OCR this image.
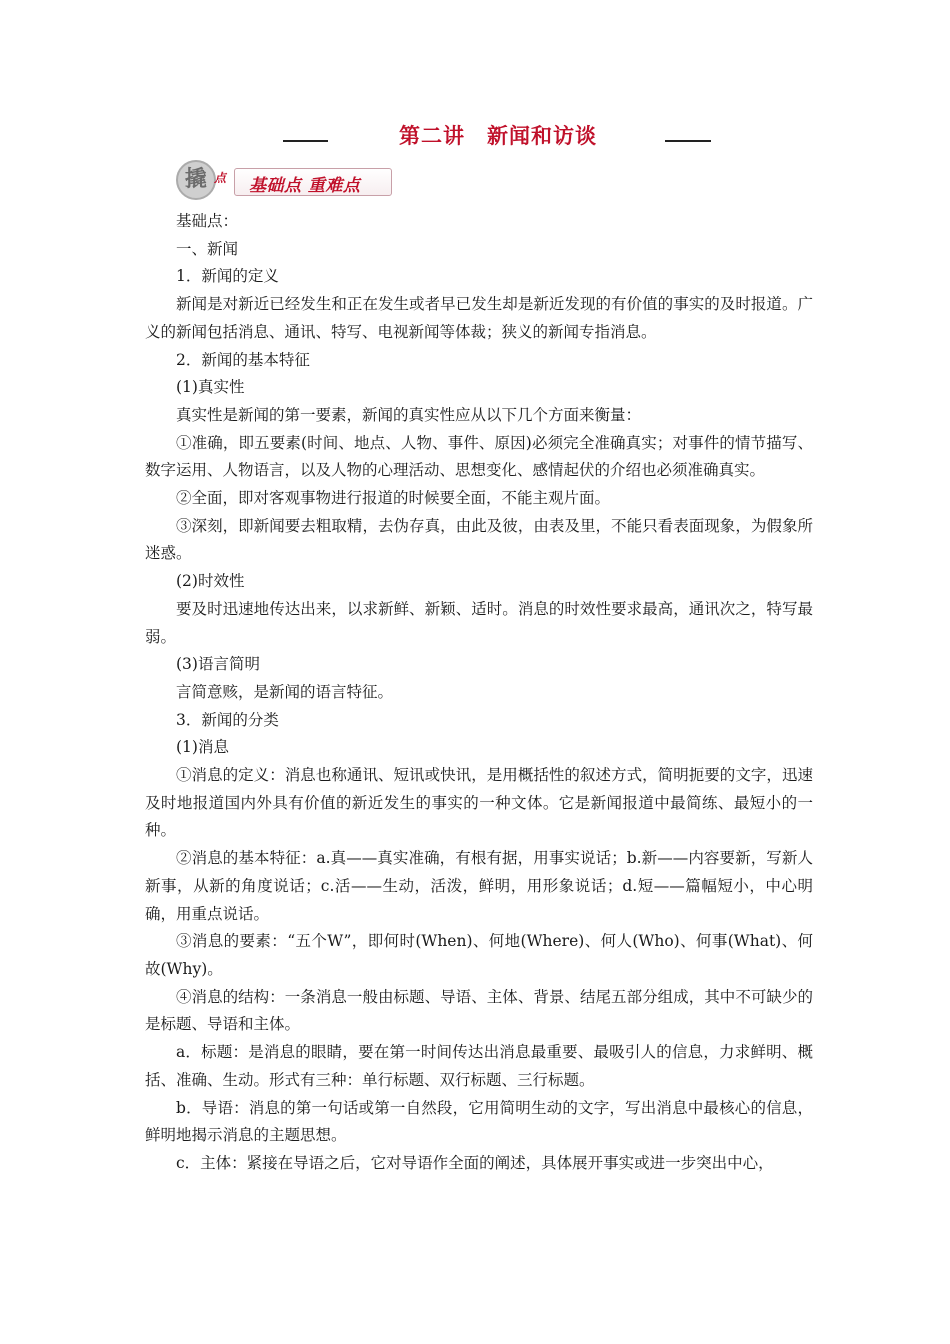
第二讲　新闻和访谈
撬 点 基础点 重难点

基础点：

一、新闻

1．新闻的定义

新闻是对新近已经发生和正在发生或者早已发生却是新近发现的有价值的事实的及时报道。广义的新闻包括消息、通讯、特写、电视新闻等体裁；狭义的新闻专指消息。

2．新闻的基本特征

(1)真实性

真实性是新闻的第一要素，新闻的真实性应从以下几个方面来衡量：

①准确，即五要素(时间、地点、人物、事件、原因)必须完全准确真实；对事件的情节描写、数字运用、人物语言，以及人物的心理活动、思想变化、感情起伏的介绍也必须准确真实。

②全面，即对客观事物进行报道的时候要全面，不能主观片面。

③深刻，即新闻要去粗取精，去伪存真，由此及彼，由表及里，不能只看表面现象，为假象所迷惑。

(2)时效性

要及时迅速地传达出来，以求新鲜、新颖、适时。消息的时效性要求最高，通讯次之，特写最弱。

(3)语言简明

言简意赅，是新闻的语言特征。

3．新闻的分类

(1)消息

①消息的定义：消息也称通讯、短讯或快讯，是用概括性的叙述方式，简明扼要的文字，迅速及时地报道国内外具有价值的新近发生的事实的一种文体。它是新闻报道中最简练、最短小的一种。

②消息的基本特征：a.真——真实准确，有根有据，用事实说话；b.新——内容要新，写新人新事，从新的角度说话；c.活——生动，活泼，鲜明，用形象说话；d.短——篇幅短小，中心明确，用重点说话。

③消息的要素：“五个W”，即何时(When)、何地(Where)、何人(Who)、何事(What)、何故(Why)。

④消息的结构：一条消息一般由标题、导语、主体、背景、结尾五部分组成，其中不可缺少的是标题、导语和主体。

a．标题：是消息的眼睛，要在第一时间传达出消息最重要、最吸引人的信息，力求鲜明、概括、准确、生动。形式有三种：单行标题、双行标题、三行标题。

b．导语：消息的第一句话或第一自然段，它用简明生动的文字，写出消息中最核心的信息，鲜明地揭示消息的主题思想。

c．主体：紧接在导语之后，它对导语作全面的阐述，具体展开事实或进一步突出中心，
